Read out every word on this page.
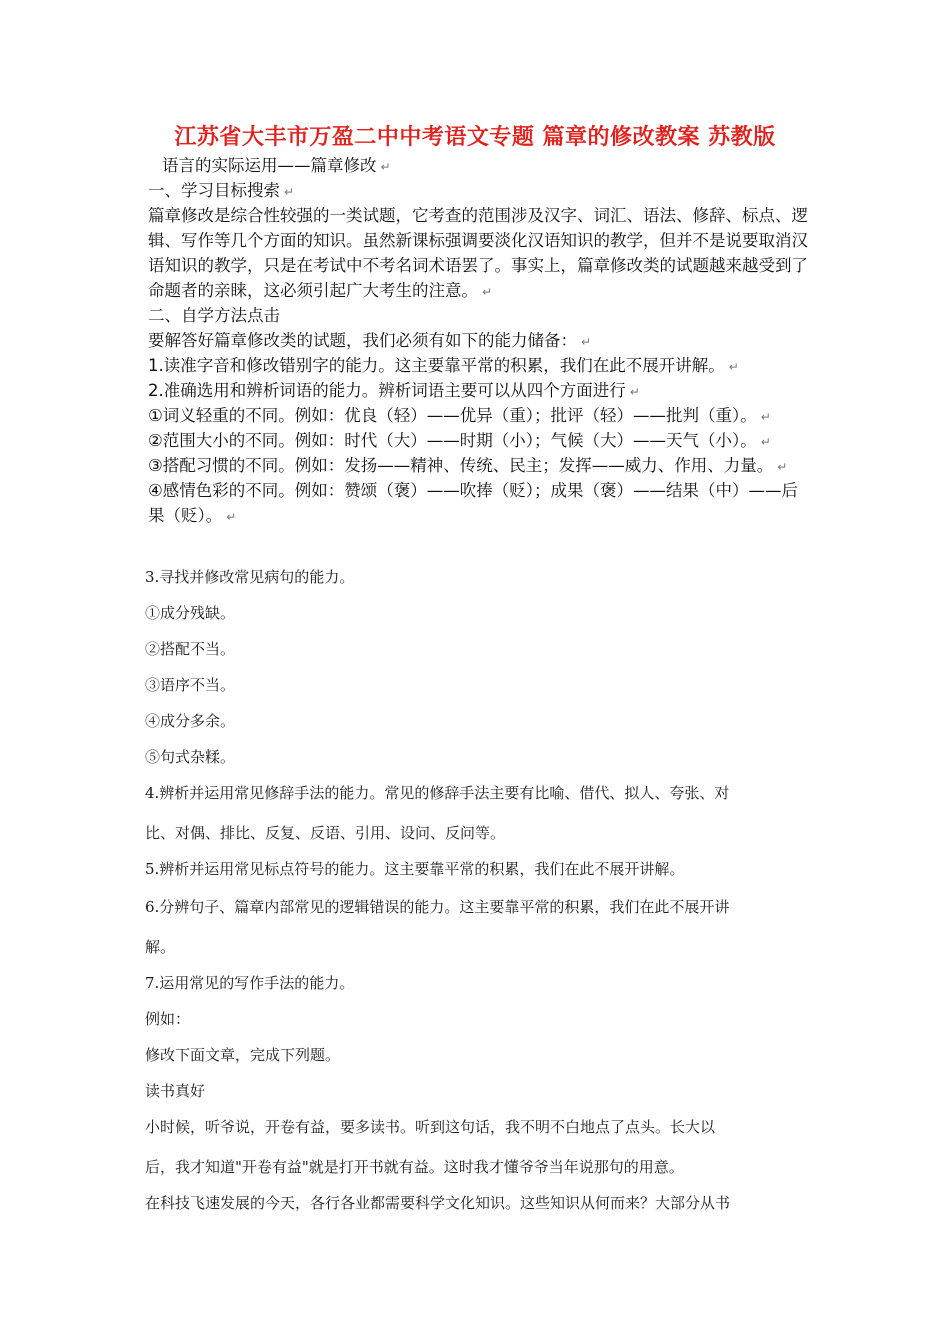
江苏省大丰市万盈二中中考语文专题 篇章的修改教案 苏教版
语言的实际运用——篇章修改 ↵
一、学习目标搜索 ↵
篇章修改是综合性较强的一类试题，它考查的范围涉及汉字、词汇、语法、修辞、标点、逻
辑、写作等几个方面的知识。虽然新课标强调要淡化汉语知识的教学，但并不是说要取消汉
语知识的教学，只是在考试中不考名词术语罢了。事实上，篇章修改类的试题越来越受到了
命题者的亲睐，这必须引起广大考生的注意。 ↵
二、自学方法点击
要解答好篇章修改类的试题，我们必须有如下的能力储备： ↵
1.读准字音和修改错别字的能力。这主要靠平常的积累，我们在此不展开讲解。 ↵
2.准确选用和辨析词语的能力。辨析词语主要可以从四个方面进行 ↵
①词义轻重的不同。例如：优良（轻）——优异（重）；批评（轻）——批判（重）。 ↵
②范围大小的不同。例如：时代（大）——时期（小）；气候（大）——天气（小）。 ↵
③搭配习惯的不同。例如：发扬——精神、传统、民主；发挥——威力、作用、力量。 ↵
④感情色彩的不同。例如：赞颂（褒）——吹捧（贬）；成果（褒）——结果（中）——后
果（贬）。 ↵
3.寻找并修改常见病句的能力。
①成分残缺。
②搭配不当。
③语序不当。
④成分多余。
⑤句式杂糅。
4.辨析并运用常见修辞手法的能力。常见的修辞手法主要有比喻、借代、拟人、夸张、对
比、对偶、排比、反复、反语、引用、设问、反问等。
5.辨析并运用常见标点符号的能力。这主要靠平常的积累，我们在此不展开讲解。
6.分辨句子、篇章内部常见的逻辑错误的能力。这主要靠平常的积累，我们在此不展开讲
解。
7.运用常见的写作手法的能力。
例如：
修改下面文章，完成下列题。
读书真好
小时候，听爷说，开卷有益，要多读书。听到这句话，我不明不白地点了点头。长大以
后，我才知道"开卷有益"就是打开书就有益。这时我才懂爷爷当年说那句的用意。
在科技飞速发展的今天，各行各业都需要科学文化知识。这些知识从何而来？大部分从书
